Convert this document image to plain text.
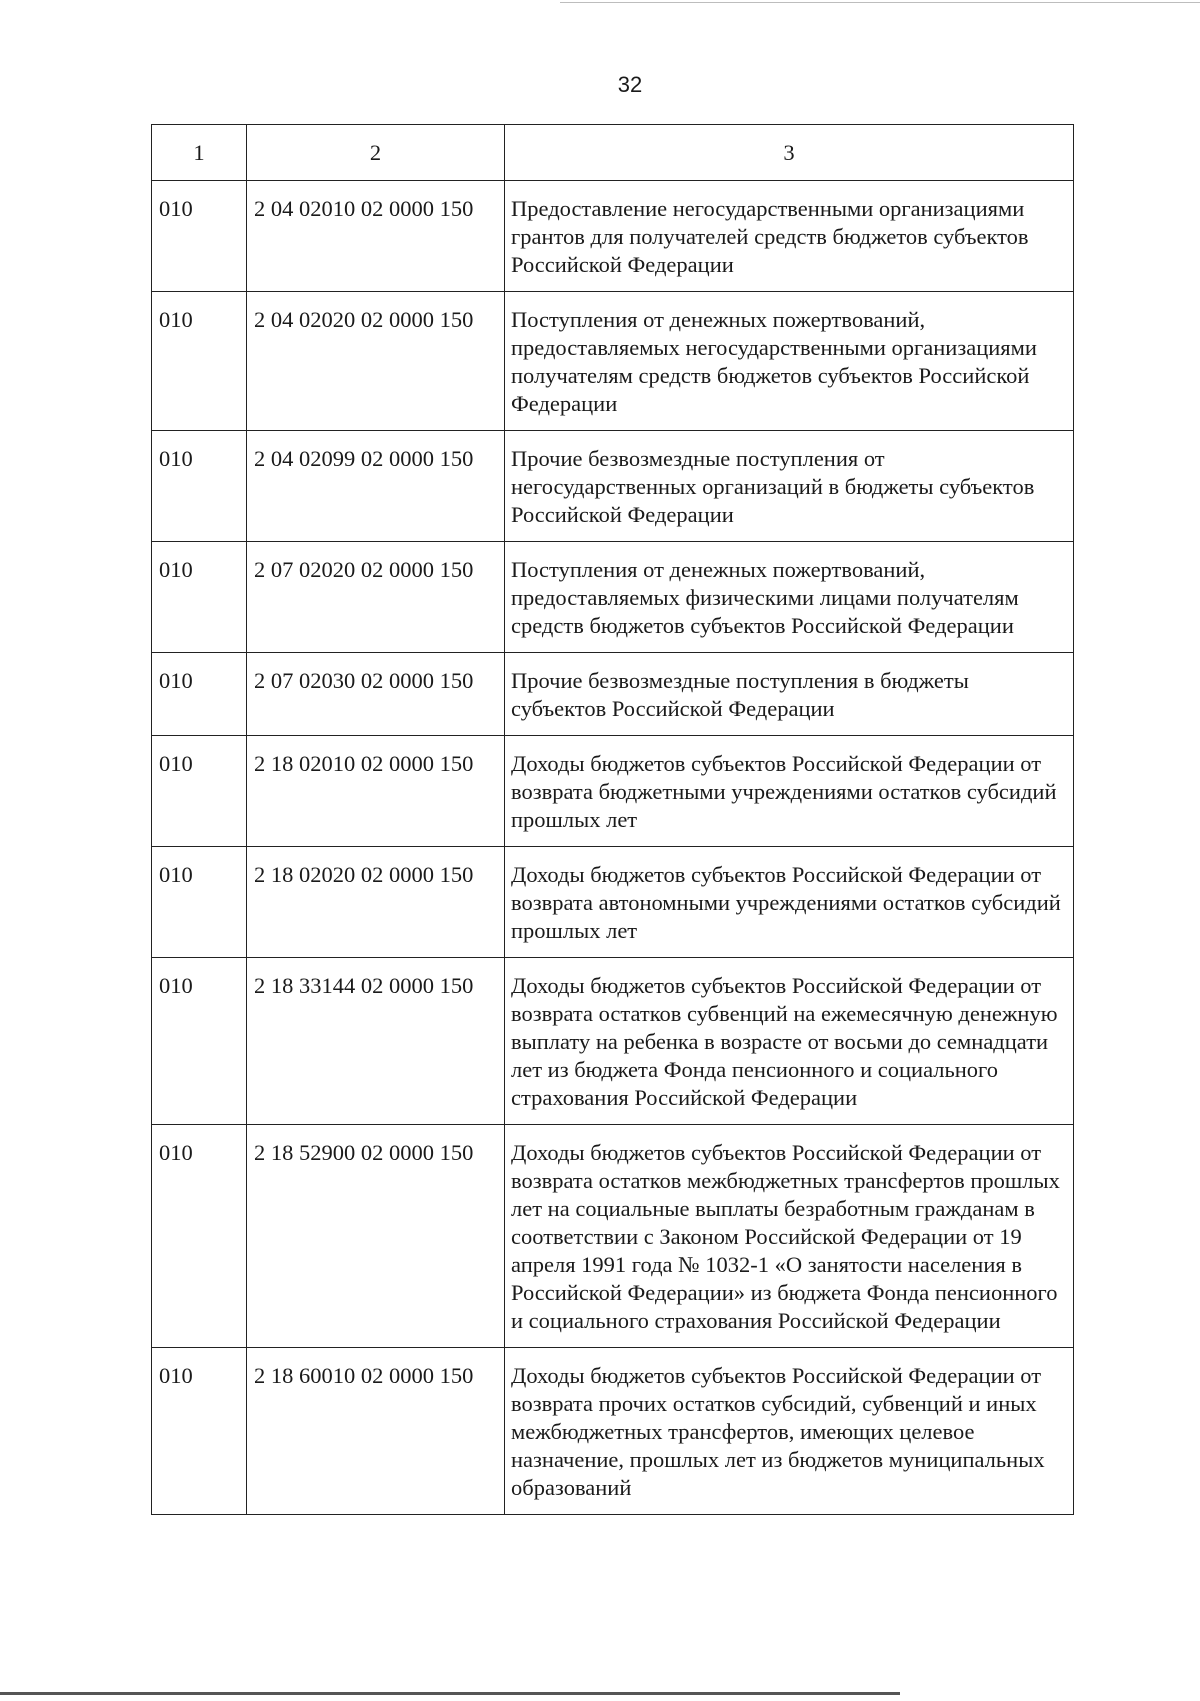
32
1	2	3
010	2 04 02010 02 0000 150	Предоставление негосударственными организациями грантов для получателей средств бюджетов субъектов Российской Федерации
010	2 04 02020 02 0000 150	Поступления от денежных пожертвований, предоставляемых негосударственными организациями получателям средств бюджетов субъектов Российской Федерации
010	2 04 02099 02 0000 150	Прочие безвозмездные поступления от негосударственных организаций в бюджеты субъектов Российской Федерации
010	2 07 02020 02 0000 150	Поступления от денежных пожертвований, предоставляемых физическими лицами получателям средств бюджетов субъектов Российской Федерации
010	2 07 02030 02 0000 150	Прочие безвозмездные поступления в бюджеты субъектов Российской Федерации
010	2 18 02010 02 0000 150	Доходы бюджетов субъектов Российской Федерации от возврата бюджетными учреждениями остатков субсидий прошлых лет
010	2 18 02020 02 0000 150	Доходы бюджетов субъектов Российской Федерации от возврата автономными учреждениями остатков субсидий прошлых лет
010	2 18 33144 02 0000 150	Доходы бюджетов субъектов Российской Федерации от возврата остатков субвенций на ежемесячную денежную выплату на ребенка в возрасте от восьми до семнадцати лет из бюджета Фонда пенсионного и социального страхования Российской Федерации
010	2 18 52900 02 0000 150	Доходы бюджетов субъектов Российской Федерации от возврата остатков межбюджетных трансфертов прошлых лет на социальные выплаты безработным гражданам в соответствии с Законом Российской Федерации от 19 апреля 1991 года № 1032-1 «О занятости населения в Российской Федерации» из бюджета Фонда пенсионного и социального страхования Российской Федерации
010	2 18 60010 02 0000 150	Доходы бюджетов субъектов Российской Федерации от возврата прочих остатков субсидий, субвенций и иных межбюджетных трансфертов, имеющих целевое назначение, прошлых лет из бюджетов муниципальных образований
